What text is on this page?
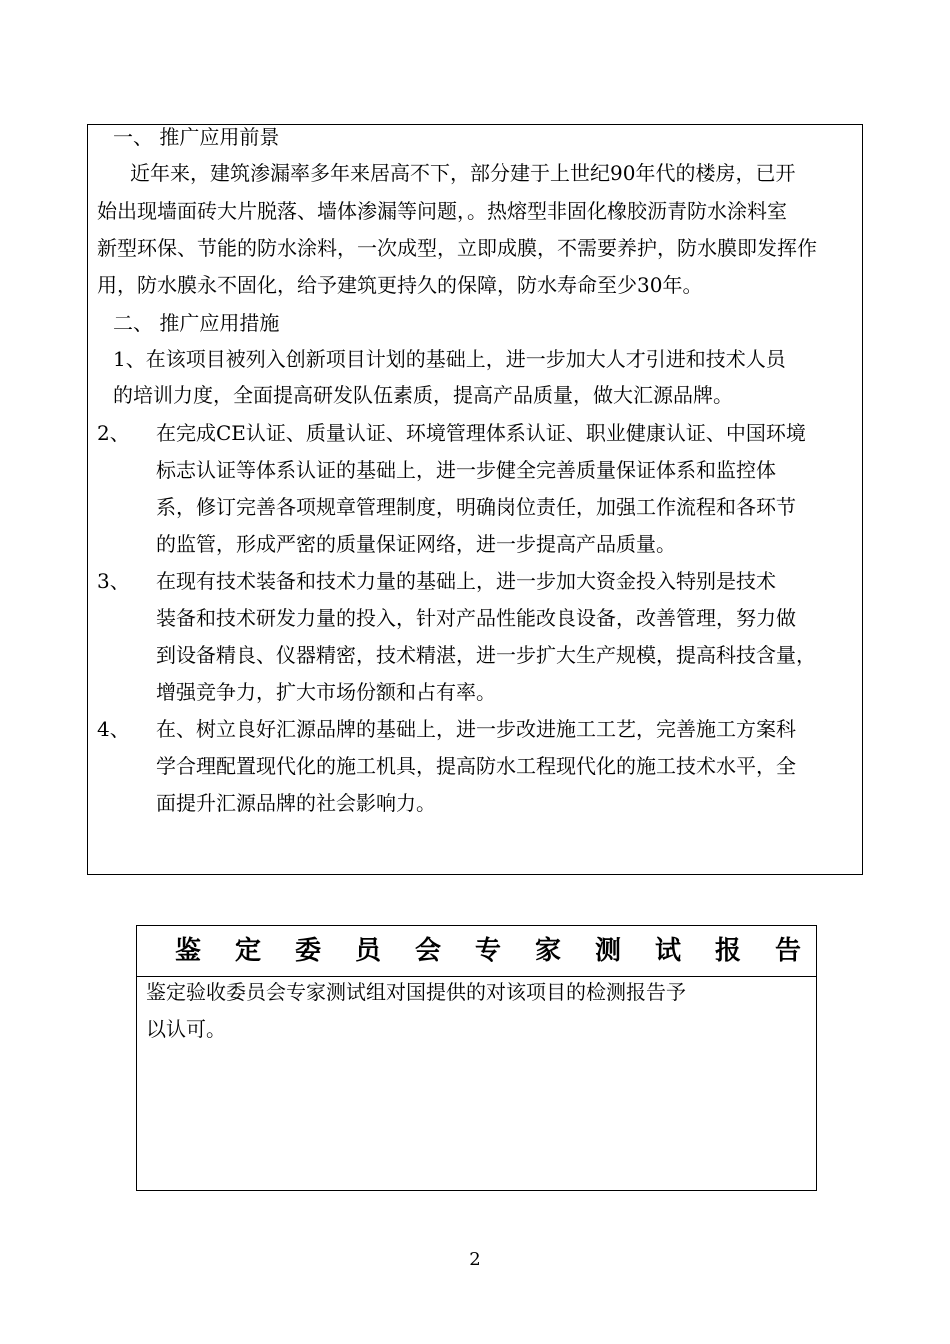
一、 推广应用前景
近年来，建筑渗漏率多年来居高不下，部分建于上世纪90年代的楼房，已开
始出现墙面砖大片脱落、墙体渗漏等问题，。热熔型非固化橡胶沥青防水涂料室
新型环保、节能的防水涂料，一次成型，立即成膜，不需要养护，防水膜即发挥作
用，防水膜永不固化，给予建筑更持久的保障，防水寿命至少30年。
二、 推广应用措施
1、在该项目被列入创新项目计划的基础上，进一步加大人才引进和技术人员
的培训力度，全面提高研发队伍素质，提高产品质量，做大汇源品牌。
2、 在完成CE认证、质量认证、环境管理体系认证、职业健康认证、中国环境
标志认证等体系认证的基础上，进一步健全完善质量保证体系和监控体
系，修订完善各项规章管理制度，明确岗位责任，加强工作流程和各环节
的监管，形成严密的质量保证网络，进一步提高产品质量。
3、 在现有技术装备和技术力量的基础上，进一步加大资金投入特别是技术
装备和技术研发力量的投入，针对产品性能改良设备，改善管理，努力做
到设备精良、仪器精密，技术精湛，进一步扩大生产规模，提高科技含量，
增强竞争力，扩大市场份额和占有率。
4、 在、树立良好汇源品牌的基础上，进一步改进施工工艺，完善施工方案科
学合理配置现代化的施工机具，提高防水工程现代化的施工技术水平，全
面提升汇源品牌的社会影响力。
鉴 定 委 员 会 专 家 测 试 报 告
鉴定验收委员会专家测试组对国提供的对该项目的检测报告予
以认可。
2
